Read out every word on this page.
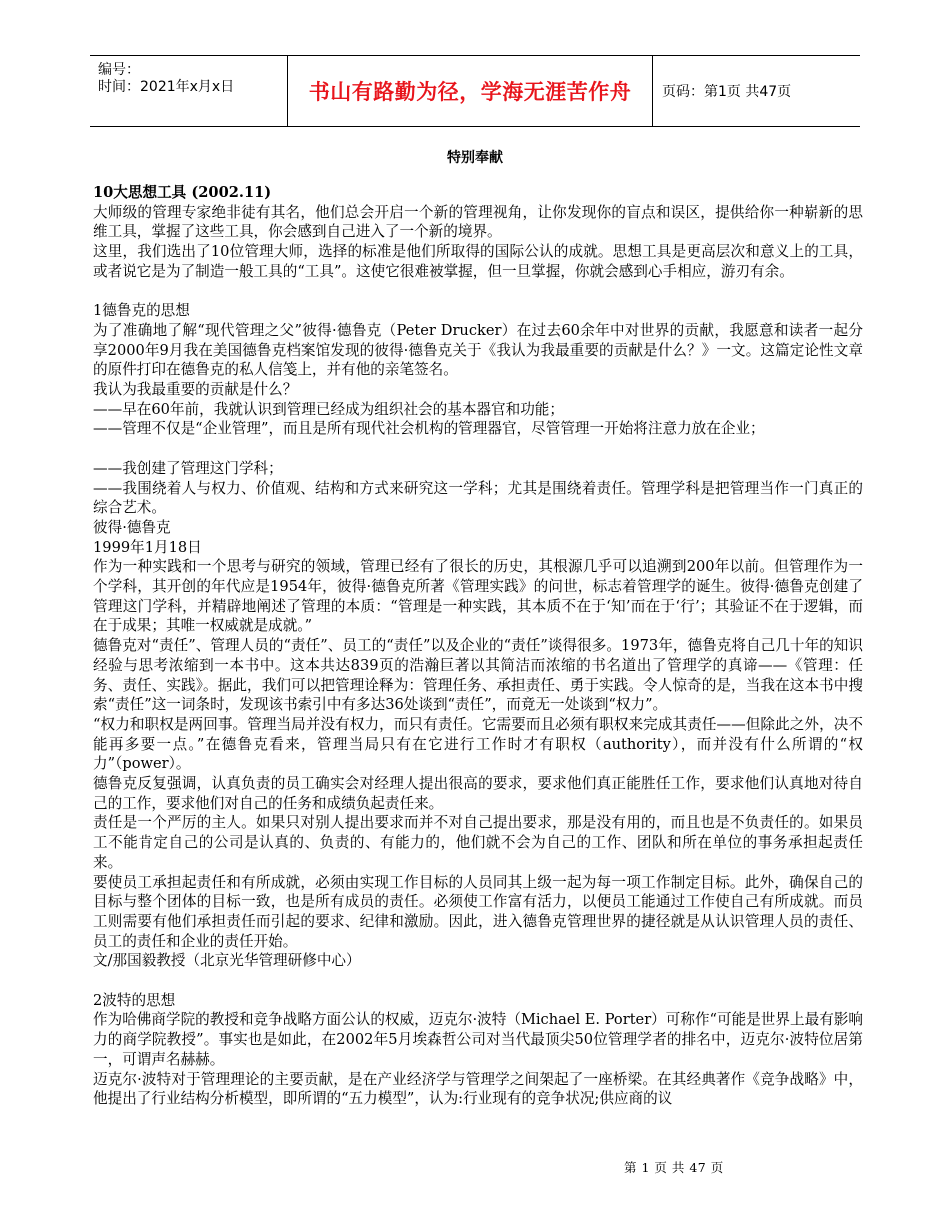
编号：
时间：2021年x月x日	书山有路勤为径，学海无涯苦作舟 页码：第1页 共47页
特别奉献

10大思想工具 (2002.11)

大师级的管理专家绝非徒有其名，他们总会开启一个新的管理视角，让你发现你的盲点和误区，提供给你一种崭新的思维工具，掌握了这些工具，你会感到自己进入了一个新的境界。

这里，我们选出了10位管理大师，选择的标准是他们所取得的国际公认的成就。思想工具是更高层次和意义上的工具，或者说它是为了制造一般工具的“工具”。这使它很难被掌握，但一旦掌握，你就会感到心手相应，游刃有余。

1德鲁克的思想

为了准确地了解“现代管理之父”彼得·德鲁克（Peter Drucker）在过去60余年中对世界的贡献，我愿意和读者一起分享2000年9月我在美国德鲁克档案馆发现的彼得·德鲁克关于《我认为我最重要的贡献是什么？》一文。这篇定论性文章的原件打印在德鲁克的私人信笺上，并有他的亲笔签名。

我认为我最重要的贡献是什么？

——早在60年前，我就认识到管理已经成为组织社会的基本器官和功能；

——管理不仅是“企业管理”，而且是所有现代社会机构的管理器官，尽管管理一开始将注意力放在企业；

——我创建了管理这门学科；

——我围绕着人与权力、价值观、结构和方式来研究这一学科；尤其是围绕着责任。管理学科是把管理当作一门真正的综合艺术。

彼得·德鲁克

1999年1月18日

作为一种实践和一个思考与研究的领域，管理已经有了很长的历史，其根源几乎可以追溯到200年以前。但管理作为一个学科，其开创的年代应是1954年，彼得·德鲁克所著《管理实践》的问世，标志着管理学的诞生。彼得·德鲁克创建了管理这门学科，并精辟地阐述了管理的本质：“管理是一种实践，其本质不在于‘知’而在于‘行’；其验证不在于逻辑，而在于成果；其唯一权威就是成就。”

德鲁克对“责任”、管理人员的“责任”、员工的“责任”以及企业的“责任”谈得很多。1973年，德鲁克将自己几十年的知识经验与思考浓缩到一本书中。这本共达839页的浩瀚巨著以其简洁而浓缩的书名道出了管理学的真谛——《管理：任务、责任、实践》。据此，我们可以把管理诠释为：管理任务、承担责任、勇于实践。令人惊奇的是，当我在这本书中搜索“责任”这一词条时，发现该书索引中有多达36处谈到“责任”，而竟无一处谈到“权力”。

“权力和职权是两回事。管理当局并没有权力，而只有责任。它需要而且必须有职权来完成其责任——但除此之外，决不能再多要一点。”在德鲁克看来，管理当局只有在它进行工作时才有职权（authority），而并没有什么所谓的“权力”（power）。

德鲁克反复强调，认真负责的员工确实会对经理人提出很高的要求，要求他们真正能胜任工作，要求他们认真地对待自己的工作，要求他们对自己的任务和成绩负起责任来。

责任是一个严厉的主人。如果只对别人提出要求而并不对自己提出要求，那是没有用的，而且也是不负责任的。如果员工不能肯定自己的公司是认真的、负责的、有能力的，他们就不会为自己的工作、团队和所在单位的事务承担起责任来。

要使员工承担起责任和有所成就，必须由实现工作目标的人员同其上级一起为每一项工作制定目标。此外，确保自己的目标与整个团体的目标一致，也是所有成员的责任。必须使工作富有活力，以便员工能通过工作使自己有所成就。而员工则需要有他们承担责任而引起的要求、纪律和激励。因此，进入德鲁克管理世界的捷径就是从认识管理人员的责任、员工的责任和企业的责任开始。

文/那国毅教授（北京光华管理研修中心）

2波特的思想

作为哈佛商学院的教授和竞争战略方面公认的权威，迈克尔·波特（Michael E. Porter）可称作“可能是世界上最有影响力的商学院教授”。事实也是如此，在2002年5月埃森哲公司对当代最顶尖50位管理学者的排名中，迈克尔·波特位居第一，可谓声名赫赫。

迈克尔·波特对于管理理论的主要贡献，是在产业经济学与管理学之间架起了一座桥梁。在其经典著作《竞争战略》中，他提出了行业结构分析模型，即所谓的“五力模型”，认为:行业现有的竞争状况;供应商的议

第 1 页 共 47 页
